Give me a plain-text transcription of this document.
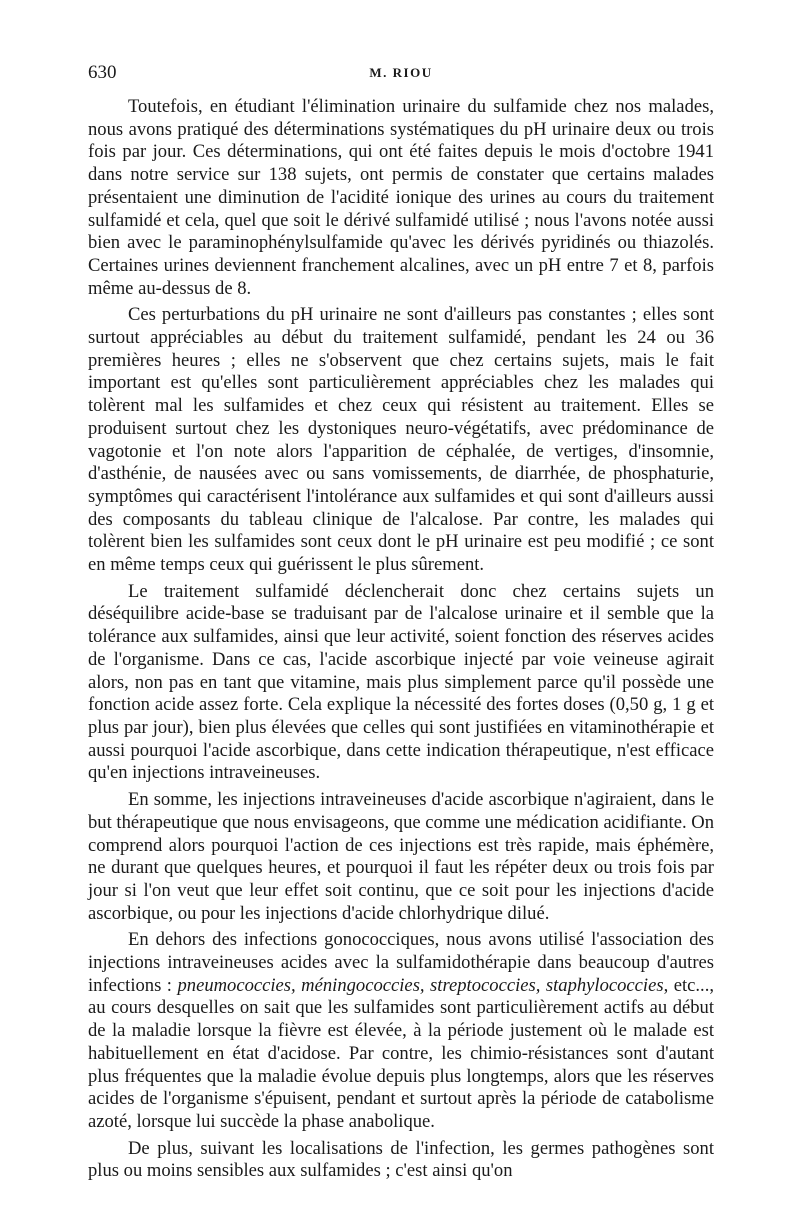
630	M. RIOU

Toutefois, en étudiant l'élimination urinaire du sulfamide chez nos malades, nous avons pratiqué des déterminations systématiques du pH urinaire deux ou trois fois par jour. Ces déterminations, qui ont été faites depuis le mois d'octobre 1941 dans notre service sur 138 sujets, ont permis de constater que certains malades présentaient une diminution de l'acidité ionique des urines au cours du traitement sulfamidé et cela, quel que soit le dérivé sulfamidé utilisé ; nous l'avons notée aussi bien avec le paraminophénylsulfamide qu'avec les dérivés pyridinés ou thiazolés. Certaines urines deviennent franchement alcalines, avec un pH entre 7 et 8, parfois même au-dessus de 8.

Ces perturbations du pH urinaire ne sont d'ailleurs pas constantes ; elles sont surtout appréciables au début du traitement sulfamidé, pendant les 24 ou 36 premières heures ; elles ne s'observent que chez certains sujets, mais le fait important est qu'elles sont particulièrement appréciables chez les malades qui tolèrent mal les sulfamides et chez ceux qui résistent au traitement. Elles se produisent surtout chez les dystoniques neuro-végétatifs, avec prédominance de vagotonie et l'on note alors l'apparition de céphalée, de vertiges, d'insomnie, d'asthénie, de nausées avec ou sans vomissements, de diarrhée, de phosphaturie, symptômes qui caractérisent l'intolérance aux sulfamides et qui sont d'ailleurs aussi des composants du tableau clinique de l'alcalose. Par contre, les malades qui tolèrent bien les sulfamides sont ceux dont le pH urinaire est peu modifié ; ce sont en même temps ceux qui guérissent le plus sûrement.

Le traitement sulfamidé déclencherait donc chez certains sujets un déséquilibre acide-base se traduisant par de l'alcalose urinaire et il semble que la tolérance aux sulfamides, ainsi que leur activité, soient fonction des réserves acides de l'organisme. Dans ce cas, l'acide ascorbique injecté par voie veineuse agirait alors, non pas en tant que vitamine, mais plus simplement parce qu'il possède une fonction acide assez forte. Cela explique la nécessité des fortes doses (0,50 g, 1 g et plus par jour), bien plus élevées que celles qui sont justifiées en vitaminothérapie et aussi pourquoi l'acide ascorbique, dans cette indication thérapeutique, n'est efficace qu'en injections intraveineuses.

En somme, les injections intraveineuses d'acide ascorbique n'agiraient, dans le but thérapeutique que nous envisageons, que comme une médication acidifiante. On comprend alors pourquoi l'action de ces injections est très rapide, mais éphémère, ne durant que quelques heures, et pourquoi il faut les répéter deux ou trois fois par jour si l'on veut que leur effet soit continu, que ce soit pour les injections d'acide ascorbique, ou pour les injections d'acide chlorhydrique dilué.

En dehors des infections gonococciques, nous avons utilisé l'association des injections intraveineuses acides avec la sulfamidothérapie dans beaucoup d'autres infections : pneumococcies, méningococcies, streptococcies, staphylococcies, etc..., au cours desquelles on sait que les sulfamides sont particulièrement actifs au début de la maladie lorsque la fièvre est élevée, à la période justement où le malade est habituellement en état d'acidose. Par contre, les chimio-résistances sont d'autant plus fréquentes que la maladie évolue depuis plus longtemps, alors que les réserves acides de l'organisme s'épuisent, pendant et surtout après la période de catabolisme azoté, lorsque lui succède la phase anabolique.

De plus, suivant les localisations de l'infection, les germes pathogènes sont plus ou moins sensibles aux sulfamides ; c'est ainsi qu'on
